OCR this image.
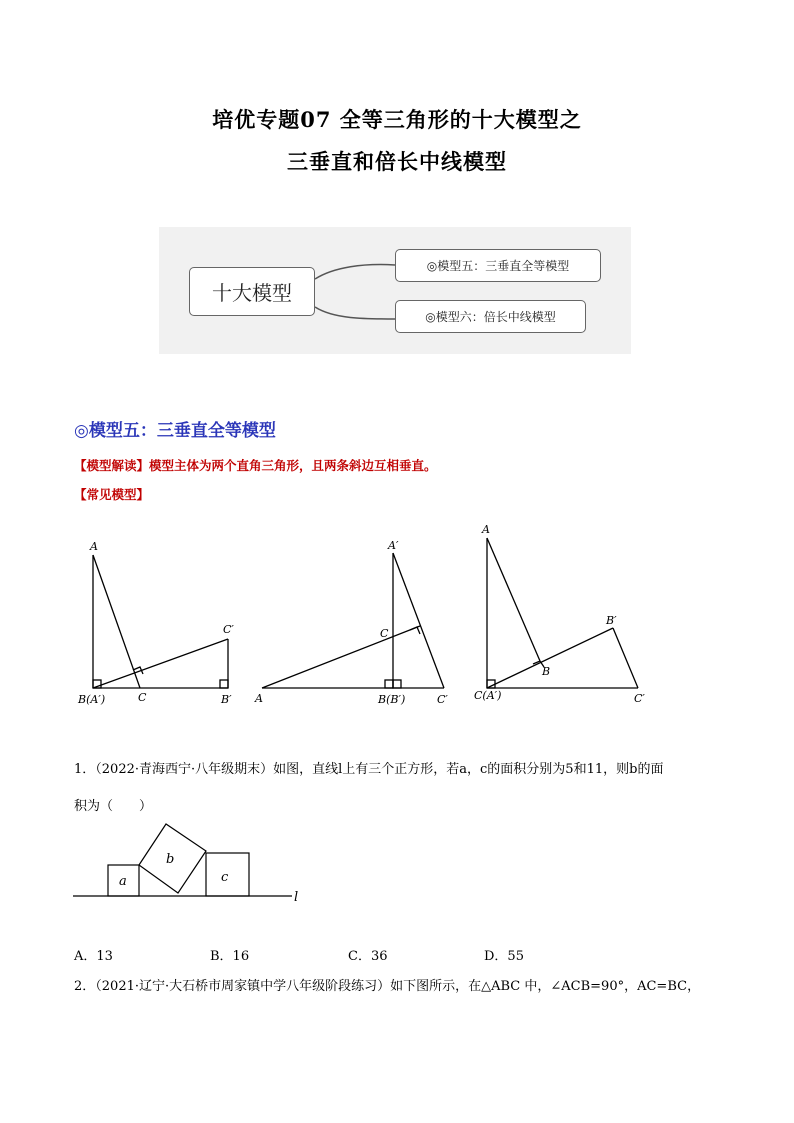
培优专题07 全等三角形的十大模型之
三垂直和倍长中线模型
十大模型
◎模型五：三垂直全等模型
◎模型六：倍长中线模型
◎模型五：三垂直全等模型
【模型解读】模型主体为两个直角三角形，且两条斜边互相垂直。
【常见模型】
A
B(A′)	C
C′
B′
A′
C
A	B(B′)	C′
A
B′
B
C(A′)	C′
1．（2022·青海西宁·八年级期末）如图，直线l上有三个正方形，若a，c的面积分别为5和11，则b的面
积为（　　）
a
b
c
l
A．13	B．16	C．36	D．55
2．（2021·辽宁·大石桥市周家镇中学八年级阶段练习）如下图所示，在△ABC 中，∠ACB=90°，AC=BC，
